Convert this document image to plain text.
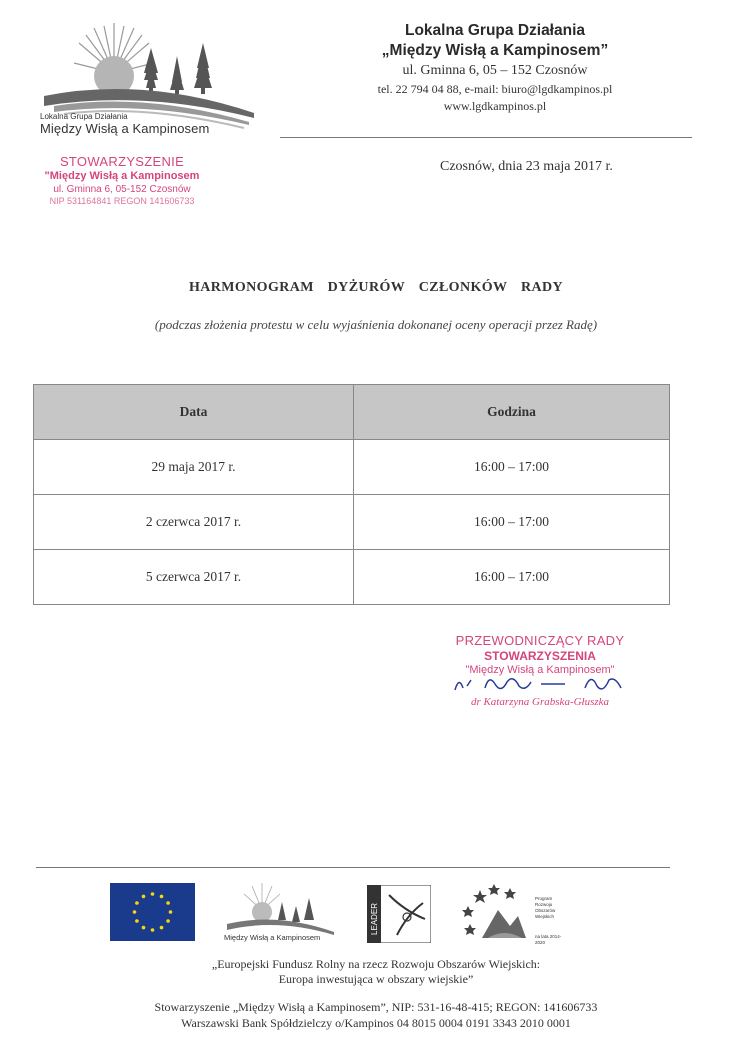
Lokalna Grupa Działania
Między Wisłą a Kampinosem
Lokalna Grupa Działania
„Między Wisłą a Kampinosem”
ul. Gminna 6, 05 – 152 Czosnów
tel. 22 794 04 88, e-mail: biuro@lgdkampinos.pl
www.lgdkampinos.pl
STOWARZYSZENIE
"Między Wisłą a Kampinosem
ul. Gminna 6, 05-152 Czosnów
NIP 531164841 REGON 141606733
Czosnów, dnia 23 maja 2017 r.
HARMONOGRAM  DYŻURÓW  CZŁONKÓW  RADY
(podczas złożenia protestu w celu wyjaśnienia dokonanej oceny operacji przez Radę)
Data	Godzina
29 maja 2017 r.	16:00 – 17:00
2 czerwca 2017 r.	16:00 – 17:00
5 czerwca 2017 r.	16:00 – 17:00
PRZEWODNICZĄCY RADY
STOWARZYSZENIA
"Między Wisłą a Kampinosem"
dr Katarzyna Grabska-Głuszka
Między Wisłą a Kampinosem
LEADER
Program
Rozwoju
Obszarów
Wiejskich
na lata 2014-2020
„Europejski Fundusz Rolny na rzecz Rozwoju Obszarów Wiejskich:
Europa inwestująca w obszary wiejskie”
Stowarzyszenie „Między Wisłą a Kampinosem”, NIP: 531-16-48-415; REGON: 141606733
Warszawski Bank Spółdzielczy o/Kampinos 04 8015 0004 0191 3343 2010 0001
